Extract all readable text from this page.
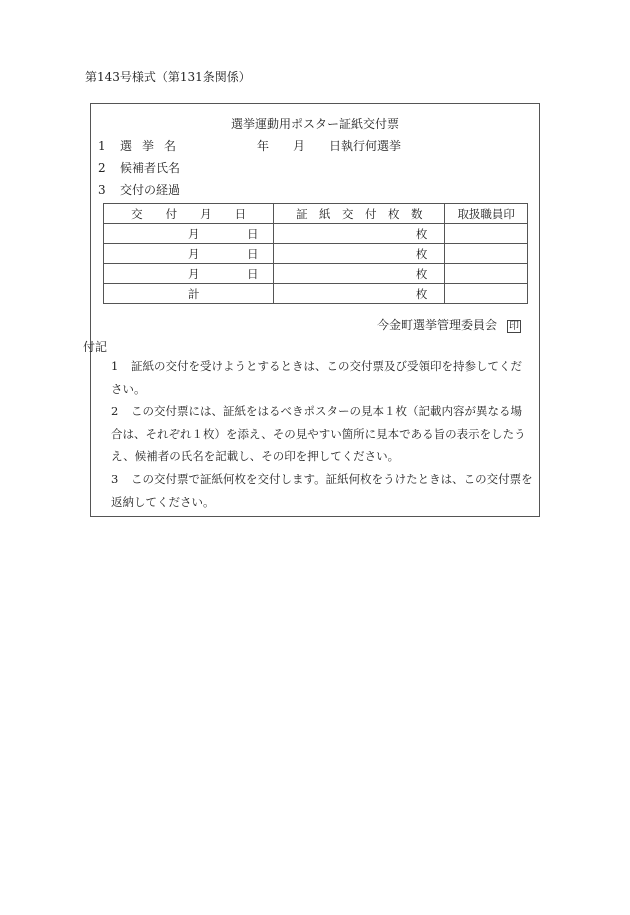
第143号様式（第131条関係）
選挙運動用ポスター証紙交付票
1 選 挙 名	年 月 日執行何選挙
2 候補者氏名
3 交付の経過
交　　付　　月　　日	証　紙　交　付　枚　数	取扱職員印

月 日	枚	

月 日	枚	

月 日	枚	

計	枚	

今金町選挙管理委員会 印
付記
1 証紙の交付を受けようとするときは、この交付票及び受領印を持参してください。
2 この交付票には、証紙をはるべきポスターの見本１枚（記載内容が異なる場合は、それぞれ１枚）を添え、その見やすい箇所に見本である旨の表示をしたうえ、候補者の氏名を記載し、その印を押してください。
3 この交付票で証紙何枚を交付します。証紙何枚をうけたときは、この交付票を返納してください。
